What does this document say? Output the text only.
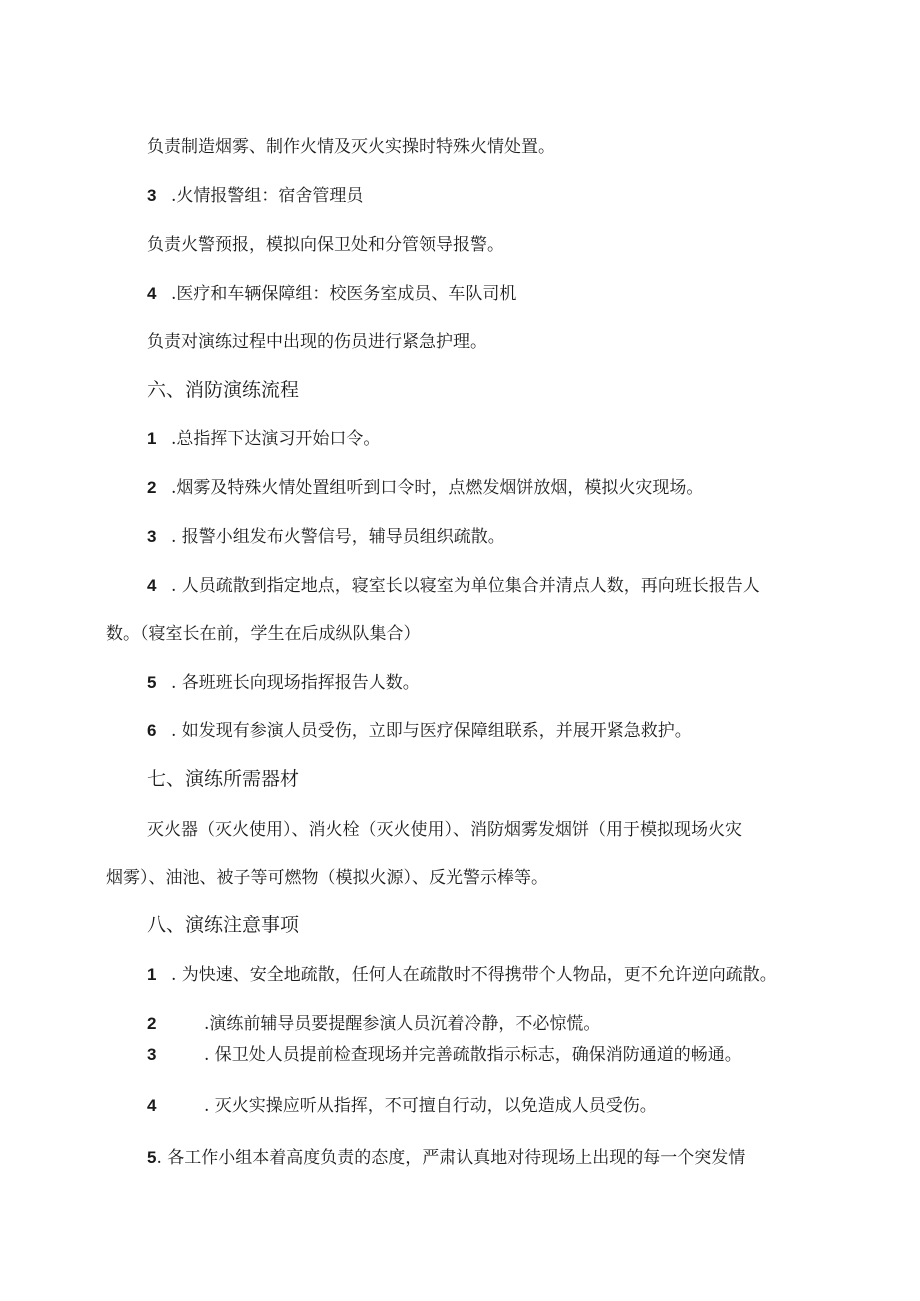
负责制造烟雾、制作火情及灭火实操时特殊火情处置。
3 .火情报警组：宿舍管理员
负责火警预报，模拟向保卫处和分管领导报警。
4 .医疗和车辆保障组：校医务室成员、车队司机
负责对演练过程中出现的伤员进行紧急护理。
六、消防演练流程
1 .总指挥下达演习开始口令。
2 .烟雾及特殊火情处置组听到口令时，点燃发烟饼放烟，模拟火灾现场。
3 . 报警小组发布火警信号，辅导员组织疏散。
4 . 人员疏散到指定地点，寝室长以寝室为单位集合并清点人数，再向班长报告人
数。（寝室长在前，学生在后成纵队集合）
5 . 各班班长向现场指挥报告人数。
6 . 如发现有参演人员受伤，立即与医疗保障组联系，并展开紧急救护。
七、演练所需器材
灭火器（灭火使用）、消火栓（灭火使用）、消防烟雾发烟饼（用于模拟现场火灾
烟雾）、油池、被子等可燃物（模拟火源）、反光警示棒等。
八、演练注意事项
1 . 为快速、安全地疏散，任何人在疏散时不得携带个人物品，更不允许逆向疏散。
2	.演练前辅导员要提醒参演人员沉着冷静，不必惊慌。
3	. 保卫处人员提前检查现场并完善疏散指示标志，确保消防通道的畅通。
4	. 灭火实操应听从指挥，不可擅自行动，以免造成人员受伤。
5. 各工作小组本着高度负责的态度，严肃认真地对待现场上出现的每一个突发情
